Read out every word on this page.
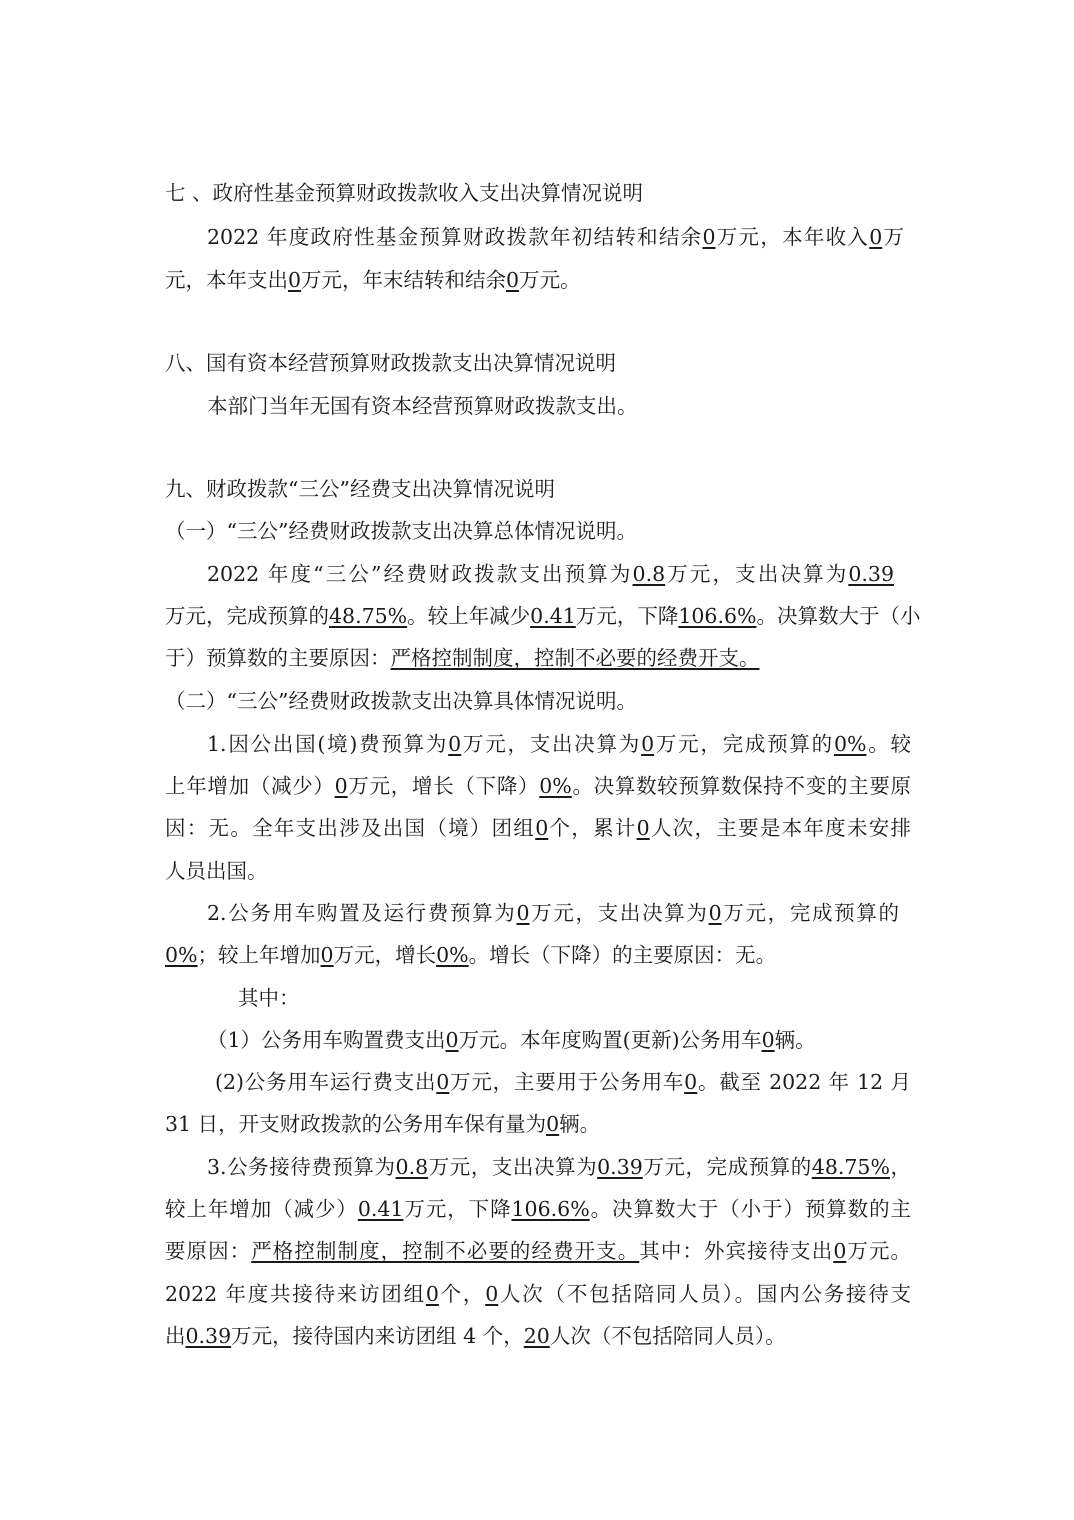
七 、政府性基金预算财政拨款收入支出决算情况说明
2022 年度政府性基金预算财政拨款年初结转和结余0万元，本年收入0万
元，本年支出0万元，年末结转和结余0万元。
八、国有资本经营预算财政拨款支出决算情况说明
本部门当年无国有资本经营预算财政拨款支出。
九、财政拨款“三公”经费支出决算情况说明
（一）“三公”经费财政拨款支出决算总体情况说明。
2022 年度“三公”经费财政拨款支出预算为0.8万元，支出决算为0.39
万元，完成预算的48.75%。较上年减少0.41万元，下降106.6%。决算数大于（小
于）预算数的主要原因：严格控制制度，控制不必要的经费开支。
（二）“三公”经费财政拨款支出决算具体情况说明。
1.因公出国(境)费预算为0万元，支出决算为0万元，完成预算的0%。较
上年增加（减少）0万元，增长（下降）0%。决算数较预算数保持不变的主要原
因：无。全年支出涉及出国（境）团组0个，累计0人次，主要是本年度未安排
人员出国。
2.公务用车购置及运行费预算为0万元，支出决算为0万元，完成预算的
0%；较上年增加0万元，增长0%。增长（下降）的主要原因：无。
其中：
（1）公务用车购置费支出0万元。本年度购置(更新)公务用车0辆。
(2)公务用车运行费支出0万元，主要用于公务用车0。截至 2022 年 12 月
31 日，开支财政拨款的公务用车保有量为0辆。
3.公务接待费预算为0.8万元，支出决算为0.39万元，完成预算的48.75%，
较上年增加（减少）0.41万元，下降106.6%。决算数大于（小于）预算数的主
要原因：严格控制制度，控制不必要的经费开支。其中：外宾接待支出0万元。
2022 年度共接待来访团组0个，0人次（不包括陪同人员）。国内公务接待支
出0.39万元，接待国内来访团组 4 个，20人次（不包括陪同人员）。
